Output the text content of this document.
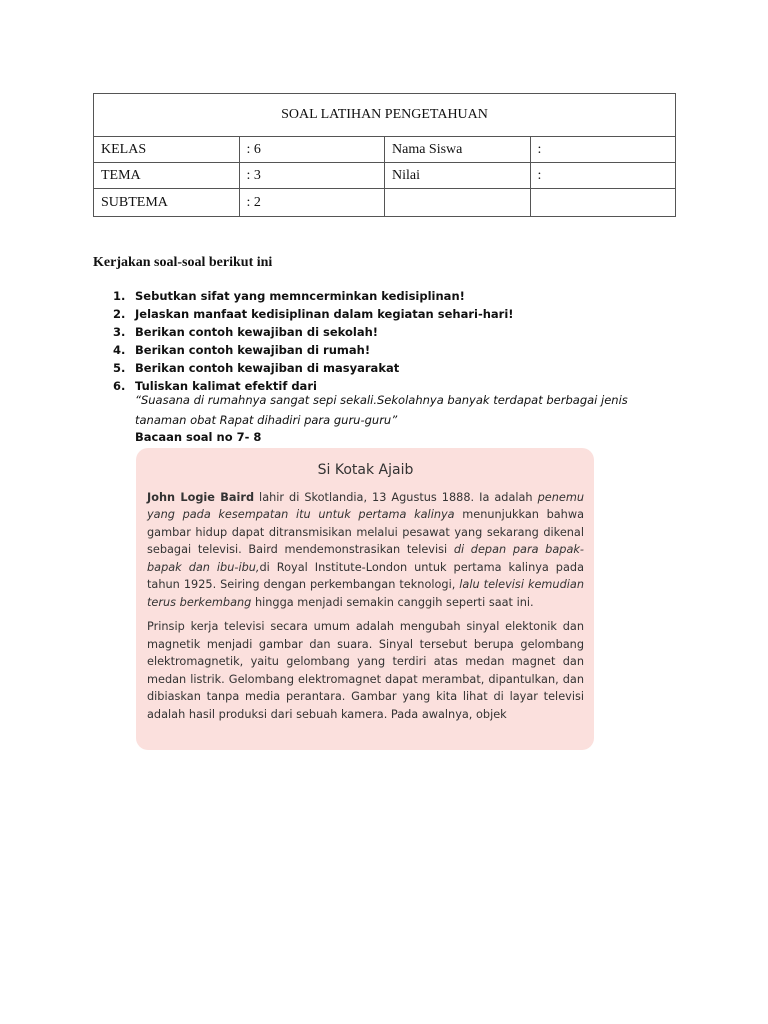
SOAL LATIHAN PENGETAHUAN			
KELAS	: 6	Nama Siswa	:
TEMA	: 3	Nilai	:
SUBTEMA	: 2		
Kerjakan soal-soal berikut ini
1. Sebutkan sifat yang memncerminkan kedisiplinan!
2. Jelaskan manfaat kedisiplinan dalam kegiatan sehari-hari!
3. Berikan contoh kewajiban di sekolah!
4. Berikan contoh kewajiban di rumah!
5. Berikan contoh kewajiban di masyarakat
6. Tuliskan kalimat efektif dari
“Suasana di rumahnya sangat sepi sekali.Sekolahnya banyak terdapat berbagai jenis tanaman obat Rapat dihadiri para guru-guru”
Bacaan soal no 7- 8
Si Kotak Ajaib

John Logie Baird lahir di Skotlandia, 13 Agustus 1888. Ia adalah penemu yang pada kesempatan itu untuk pertama kalinya menunjukkan bahwa gambar hidup dapat ditransmisikan melalui pesawat yang sekarang dikenal sebagai televisi. Baird mendemonstrasikan televisi di depan para bapak-bapak dan ibu-ibu,di Royal Institute-London untuk pertama kalinya pada tahun 1925. Seiring dengan perkembangan teknologi, lalu televisi kemudian terus berkembang hingga menjadi semakin canggih seperti saat ini.

Prinsip kerja televisi secara umum adalah mengubah sinyal elektonik dan magnetik menjadi gambar dan suara. Sinyal tersebut berupa gelombang elektromagnetik, yaitu gelombang yang terdiri atas medan magnet dan medan listrik. Gelombang elektromagnet dapat merambat, dipantulkan, dan dibiaskan tanpa media perantara. Gambar yang kita lihat di layar televisi adalah hasil produksi dari sebuah kamera. Pada awalnya, objek
